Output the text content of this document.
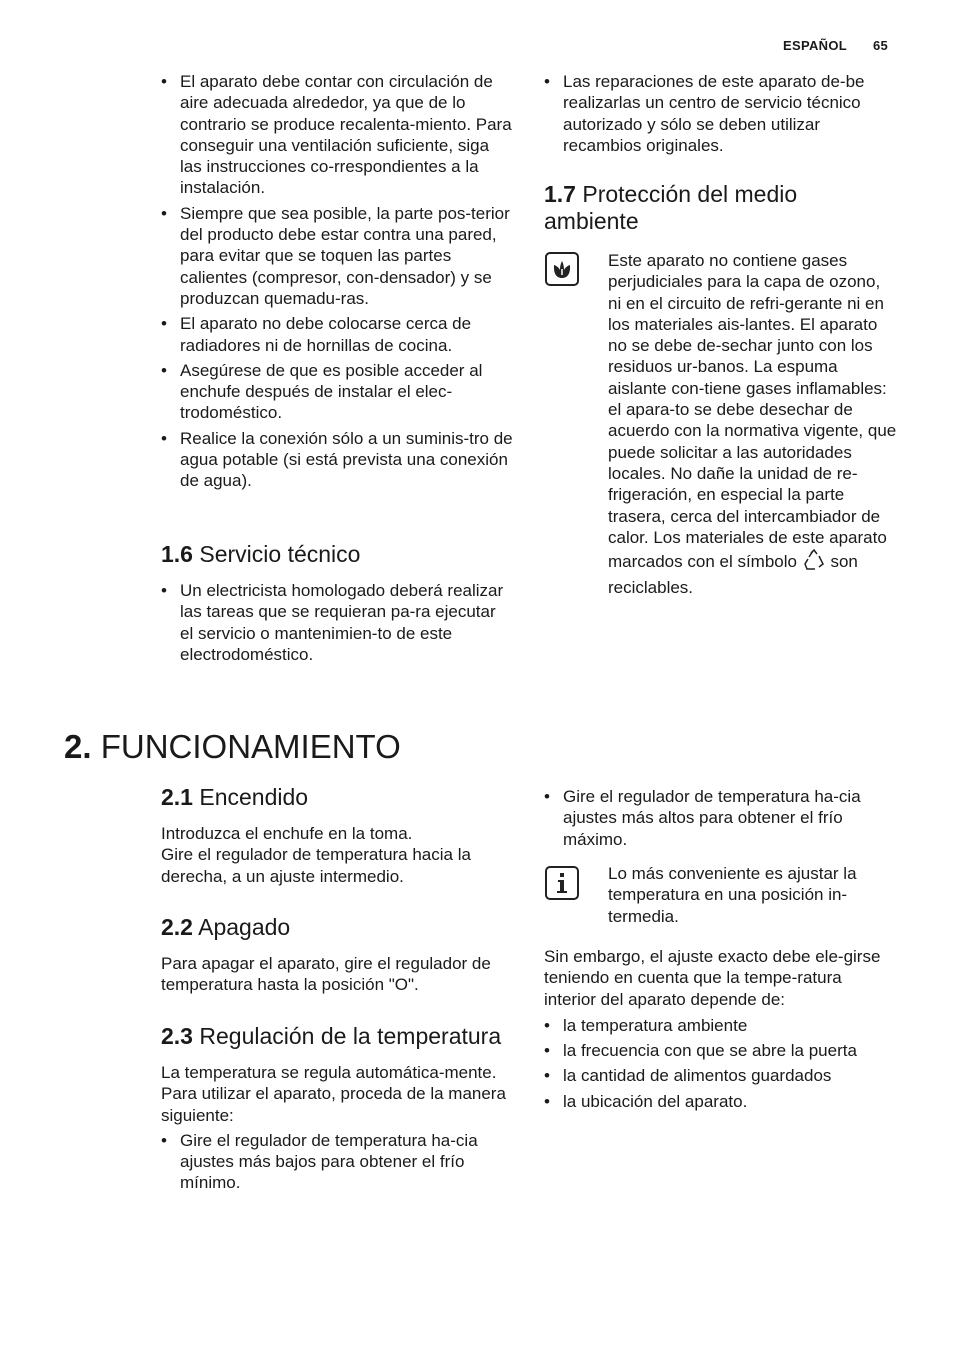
ESPAÑOL 65
• El aparato debe contar con circulación de aire adecuada alrededor, ya que de lo contrario se produce recalenta-miento. Para conseguir una ventilación suficiente, siga las instrucciones co-rrespondientes a la instalación.
• Siempre que sea posible, la parte pos-terior del producto debe estar contra una pared, para evitar que se toquen las partes calientes (compresor, con-densador) y se produzcan quemadu-ras.
• El aparato no debe colocarse cerca de radiadores ni de hornillas de cocina.
• Asegúrese de que es posible acceder al enchufe después de instalar el elec-trodoméstico.
• Realice la conexión sólo a un suminis-tro de agua potable (si está prevista una conexión de agua).
1.6 Servicio técnico
• Un electricista homologado deberá realizar las tareas que se requieran pa-ra ejecutar el servicio o mantenimien-to de este electrodoméstico.
• Las reparaciones de este aparato de-be realizarlas un centro de servicio técnico autorizado y sólo se deben utilizar recambios originales.
1.7 Protección del medio ambiente

Este aparato no contiene gases perjudiciales para la capa de ozono, ni en el circuito de refri-gerante ni en los materiales ais-lantes. El aparato no se debe de-sechar junto con los residuos ur-banos. La espuma aislante con-tiene gases inflamables: el apara-to se debe desechar de acuerdo con la normativa vigente, que puede solicitar a las autoridades locales. No dañe la unidad de re-frigeración, en especial la parte trasera, cerca del intercambiador de calor. Los materiales de este aparato marcados con el símbolo son reciclables.

2. FUNCIONAMIENTO
2.1 Encendido

Introduzca el enchufe en la toma.

Gire el regulador de temperatura hacia la derecha, a un ajuste intermedio.

2.2 Apagado

Para apagar el aparato, gire el regulador de temperatura hasta la posición "O".

2.3 Regulación de la temperatura

La temperatura se regula automática-mente.

Para utilizar el aparato, proceda de la manera siguiente:

• Gire el regulador de temperatura ha-cia ajustes más bajos para obtener el frío mínimo.
• Gire el regulador de temperatura ha-cia ajustes más altos para obtener el frío máximo.

Lo más conveniente es ajustar la temperatura en una posición in-termedia.

Sin embargo, el ajuste exacto debe ele-girse teniendo en cuenta que la tempe-ratura interior del aparato depende de:

• la temperatura ambiente
• la frecuencia con que se abre la puerta
• la cantidad de alimentos guardados
• la ubicación del aparato.
